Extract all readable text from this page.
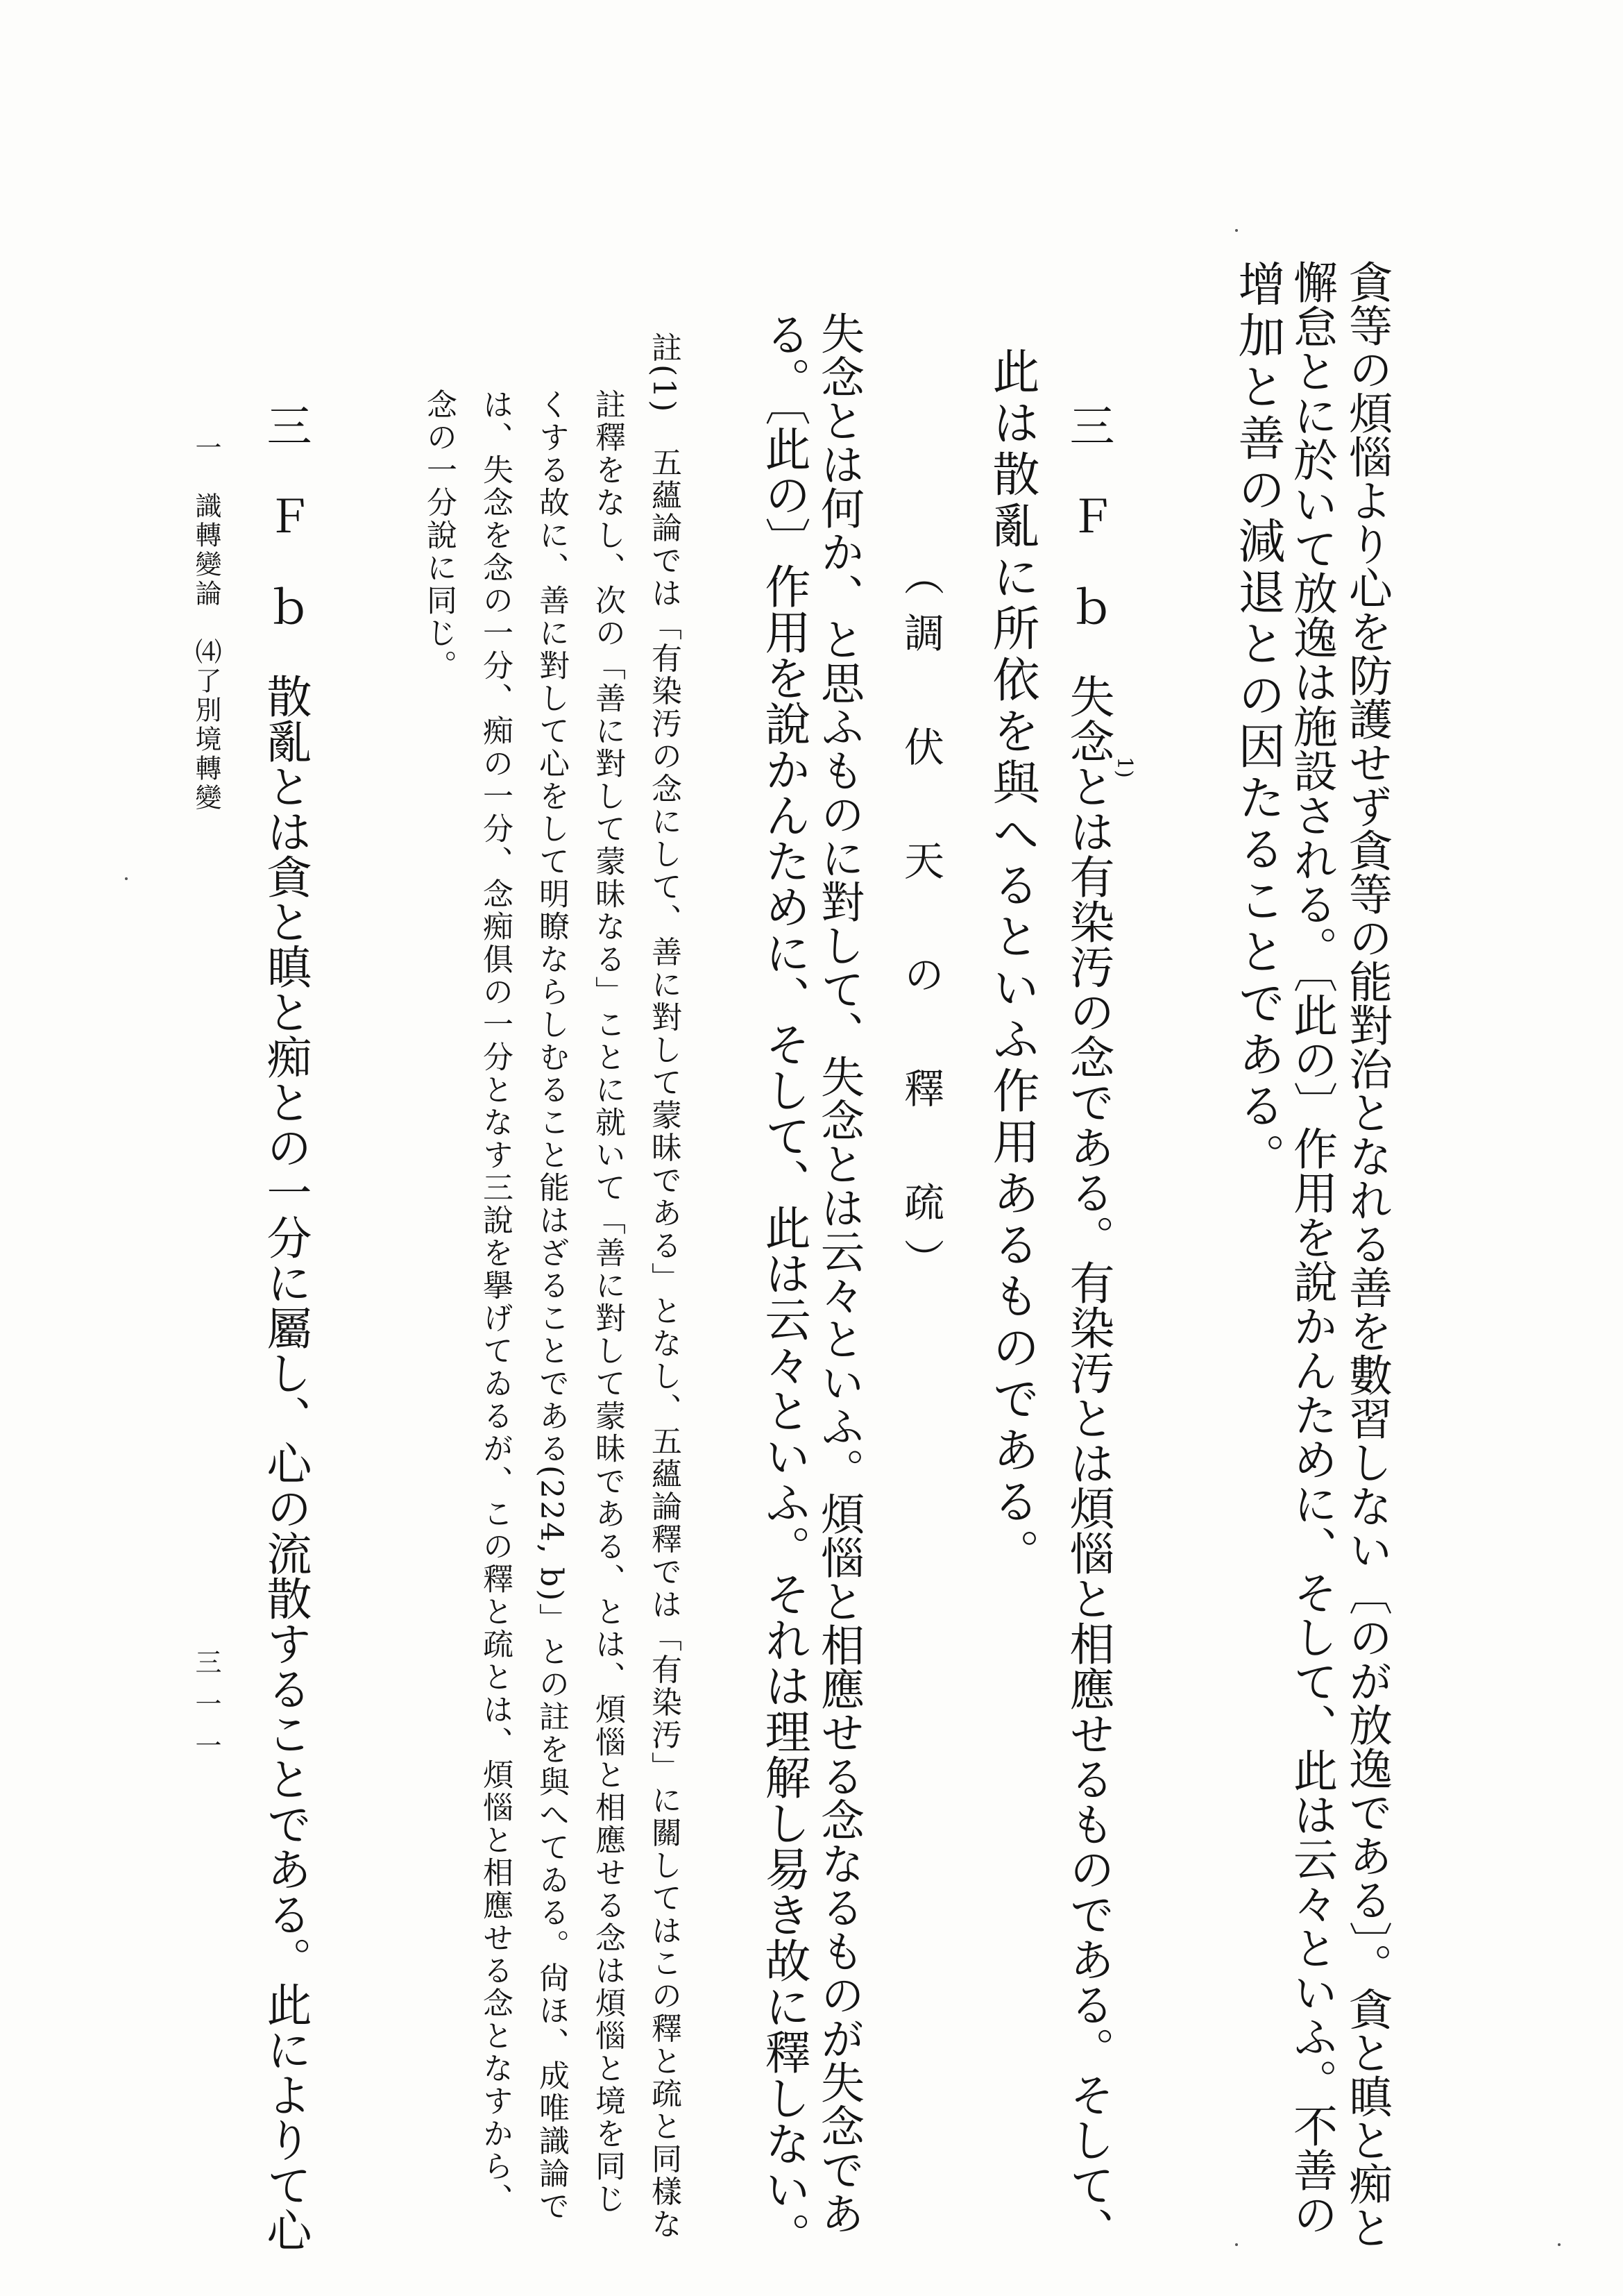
貪等の煩惱より心を防護せず貪等の能對治となれる善を數習しない〔のが放逸である〕。貪と瞋と痴と
懈怠とに於いて放逸は施設される。〔此の〕作用を說かんために、そして、此は云々といふ。不善の
增加と善の減退との因たることである。
三　Ｆ　ｂ　失念とは有染汚の念である。有染汚とは煩惱と相應せるものである。そして、
1)
此は散亂に所依を與へるといふ作用あるものである。
（調　伏　天　の　釋　疏）
失念とは何か、と思ふものに對して、失念とは云々といふ。煩惱と相應せる念なるものが失念であ
る。〔此の〕作用を說かんために、そして、此は云々といふ。それは理解し易き故に釋しない。
註(1)　五蘊論では「有染汚の念にして、善に對して蒙昧である」となし、五蘊論釋では「有染汚」に關してはこの釋と疏と同樣な
註釋をなし、次の「善に對して蒙昧なる」ことに就いて「善に對して蒙昧である、とは、煩惱と相應せる念は煩惱と境を同じ
くする故に、善に對して心をして明瞭ならしむること能はざることである(224, b)」との註を與へてゐる。尙ほ、成唯識論で
は、失念を念の一分、痴の一分、念痴俱の一分となす三說を擧げてゐるが、この釋と疏とは、煩惱と相應せる念となすから、
念の一分說に同じ。
三　Ｆ　ｂ　散亂とは貪と瞋と痴との一分に屬し、心の流散することである。此によりて心
一　識轉變論　⑷了別境轉變
三一一
